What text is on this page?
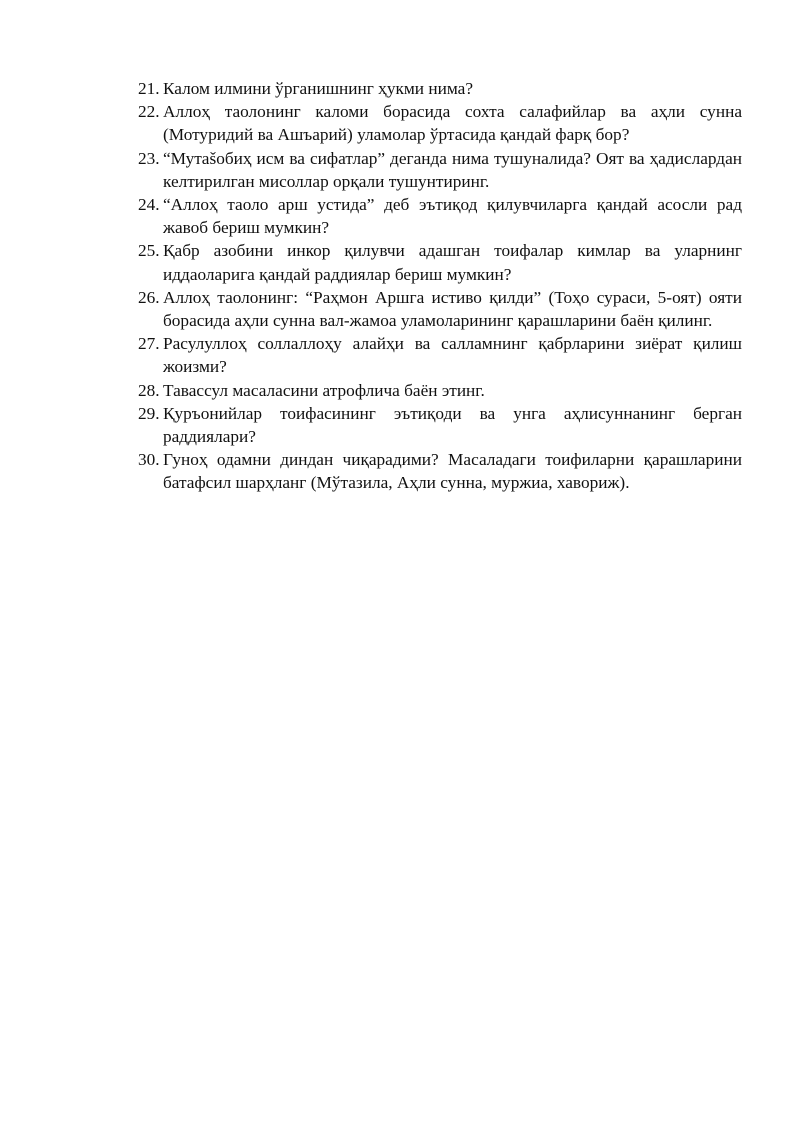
21. Калом илмини ўрганишнинг ҳукми нима?
22. Аллоҳ таолонинг каломи борасида сохта салафийлар ва аҳли сунна (Мотуридий ва Ашъарий) уламолар ўртасида қандай фарқ бор?
23. “Мутašобиҳ исм ва сифатлар” деганда нима тушуналида? Оят ва ҳадислардан келтирилган мисоллар орқали тушунтиринг.
24. “Аллоҳ таоло арш устида” деб эътиқод қилувчиларга қандай асосли рад жавоб бериш мумкин?
25. Қабр азобини инкор қилувчи адашган тоифалар кимлар ва уларнинг иддаоларига қандай раддиялар бериш мумкин?
26. Аллоҳ таолонинг: “Раҳмон Аршга истиво қилди” (Тоҳо сураси, 5-оят) ояти борасида аҳли сунна вал-жамоа уламоларининг қарашларини баён қилинг.
27. Расулуллоҳ соллаллоҳу алайҳи ва салламнинг қабрларини зиёрат қилиш жоизми?
28. Тавассул масаласини атрофлича баён этинг.
29. Қуръонийлар тоифасининг эътиқоди ва унга аҳлисуннанинг берган раддиялари?
30. Гуноҳ одамни диндан чиқарадими? Масаладаги тоифиларни қарашларини батафсил шарҳланг (Мўтазила, Аҳли сунна, муржиа, хавориж).
